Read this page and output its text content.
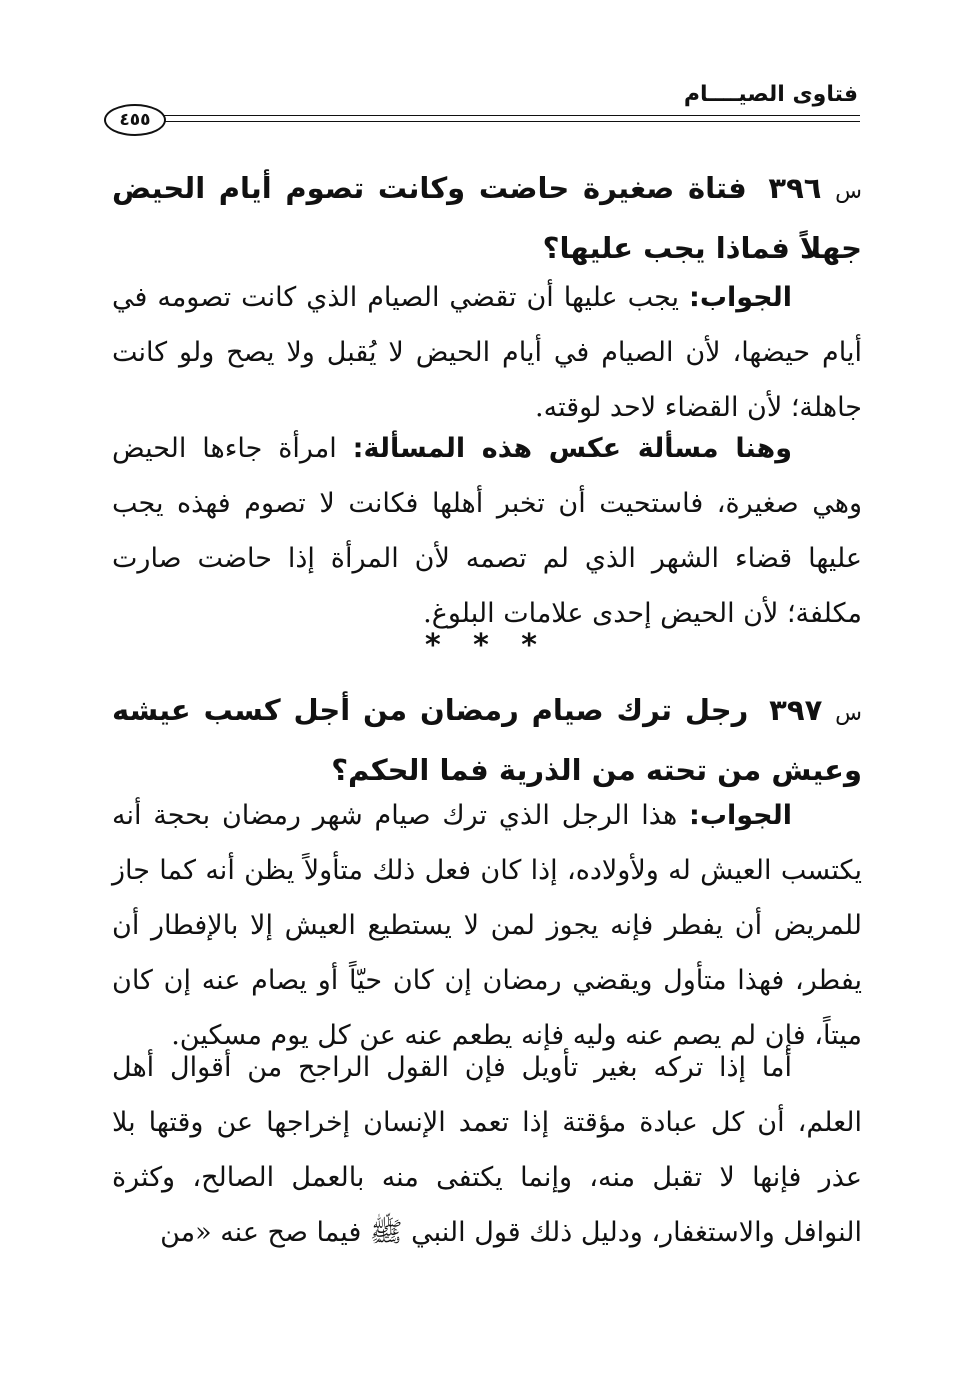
فتاوى الصيــــام
٤٥٥

س ٣٩٦ فتاة صغيرة حاضت وكانت تصوم أيام الحيض جهلاً فماذا يجب عليها؟

الجواب: يجب عليها أن تقضي الصيام الذي كانت تصومه في أيام حيضها، لأن الصيام في أيام الحيض لا يُقبل ولا يصح ولو كانت جاهلة؛ لأن القضاء لاحد لوقته.

وهنا مسألة عكس هذه المسألة: امرأة جاءها الحيض وهي صغيرة، فاستحيت أن تخبر أهلها فكانت لا تصوم فهذه يجب عليها قضاء الشهر الذي لم تصمه لأن المرأة إذا حاضت صارت مكلفة؛ لأن الحيض إحدى علامات البلوغ.

* * *

س ٣٩٧ رجل ترك صيام رمضان من أجل كسب عيشه وعيش من تحته من الذرية فما الحكم؟

الجواب: هذا الرجل الذي ترك صيام شهر رمضان بحجة أنه يكتسب العيش له ولأولاده، إذا كان فعل ذلك متأولاً يظن أنه كما جاز للمريض أن يفطر فإنه يجوز لمن لا يستطيع العيش إلا بالإفطار أن يفطر، فهذا متأول ويقضي رمضان إن كان حيّاً أو يصام عنه إن كان ميتاً، فإن لم يصم عنه وليه فإنه يطعم عنه عن كل يوم مسكين.

أما إذا تركه بغير تأويل فإن القول الراجح من أقوال أهل العلم، أن كل عبادة مؤقتة إذا تعمد الإنسان إخراجها عن وقتها بلا عذر فإنها لا تقبل منه، وإنما يكتفى منه بالعمل الصالح، وكثرة النوافل والاستغفار، ودليل ذلك قول النبي ﷺ فيما صح عنه «من
